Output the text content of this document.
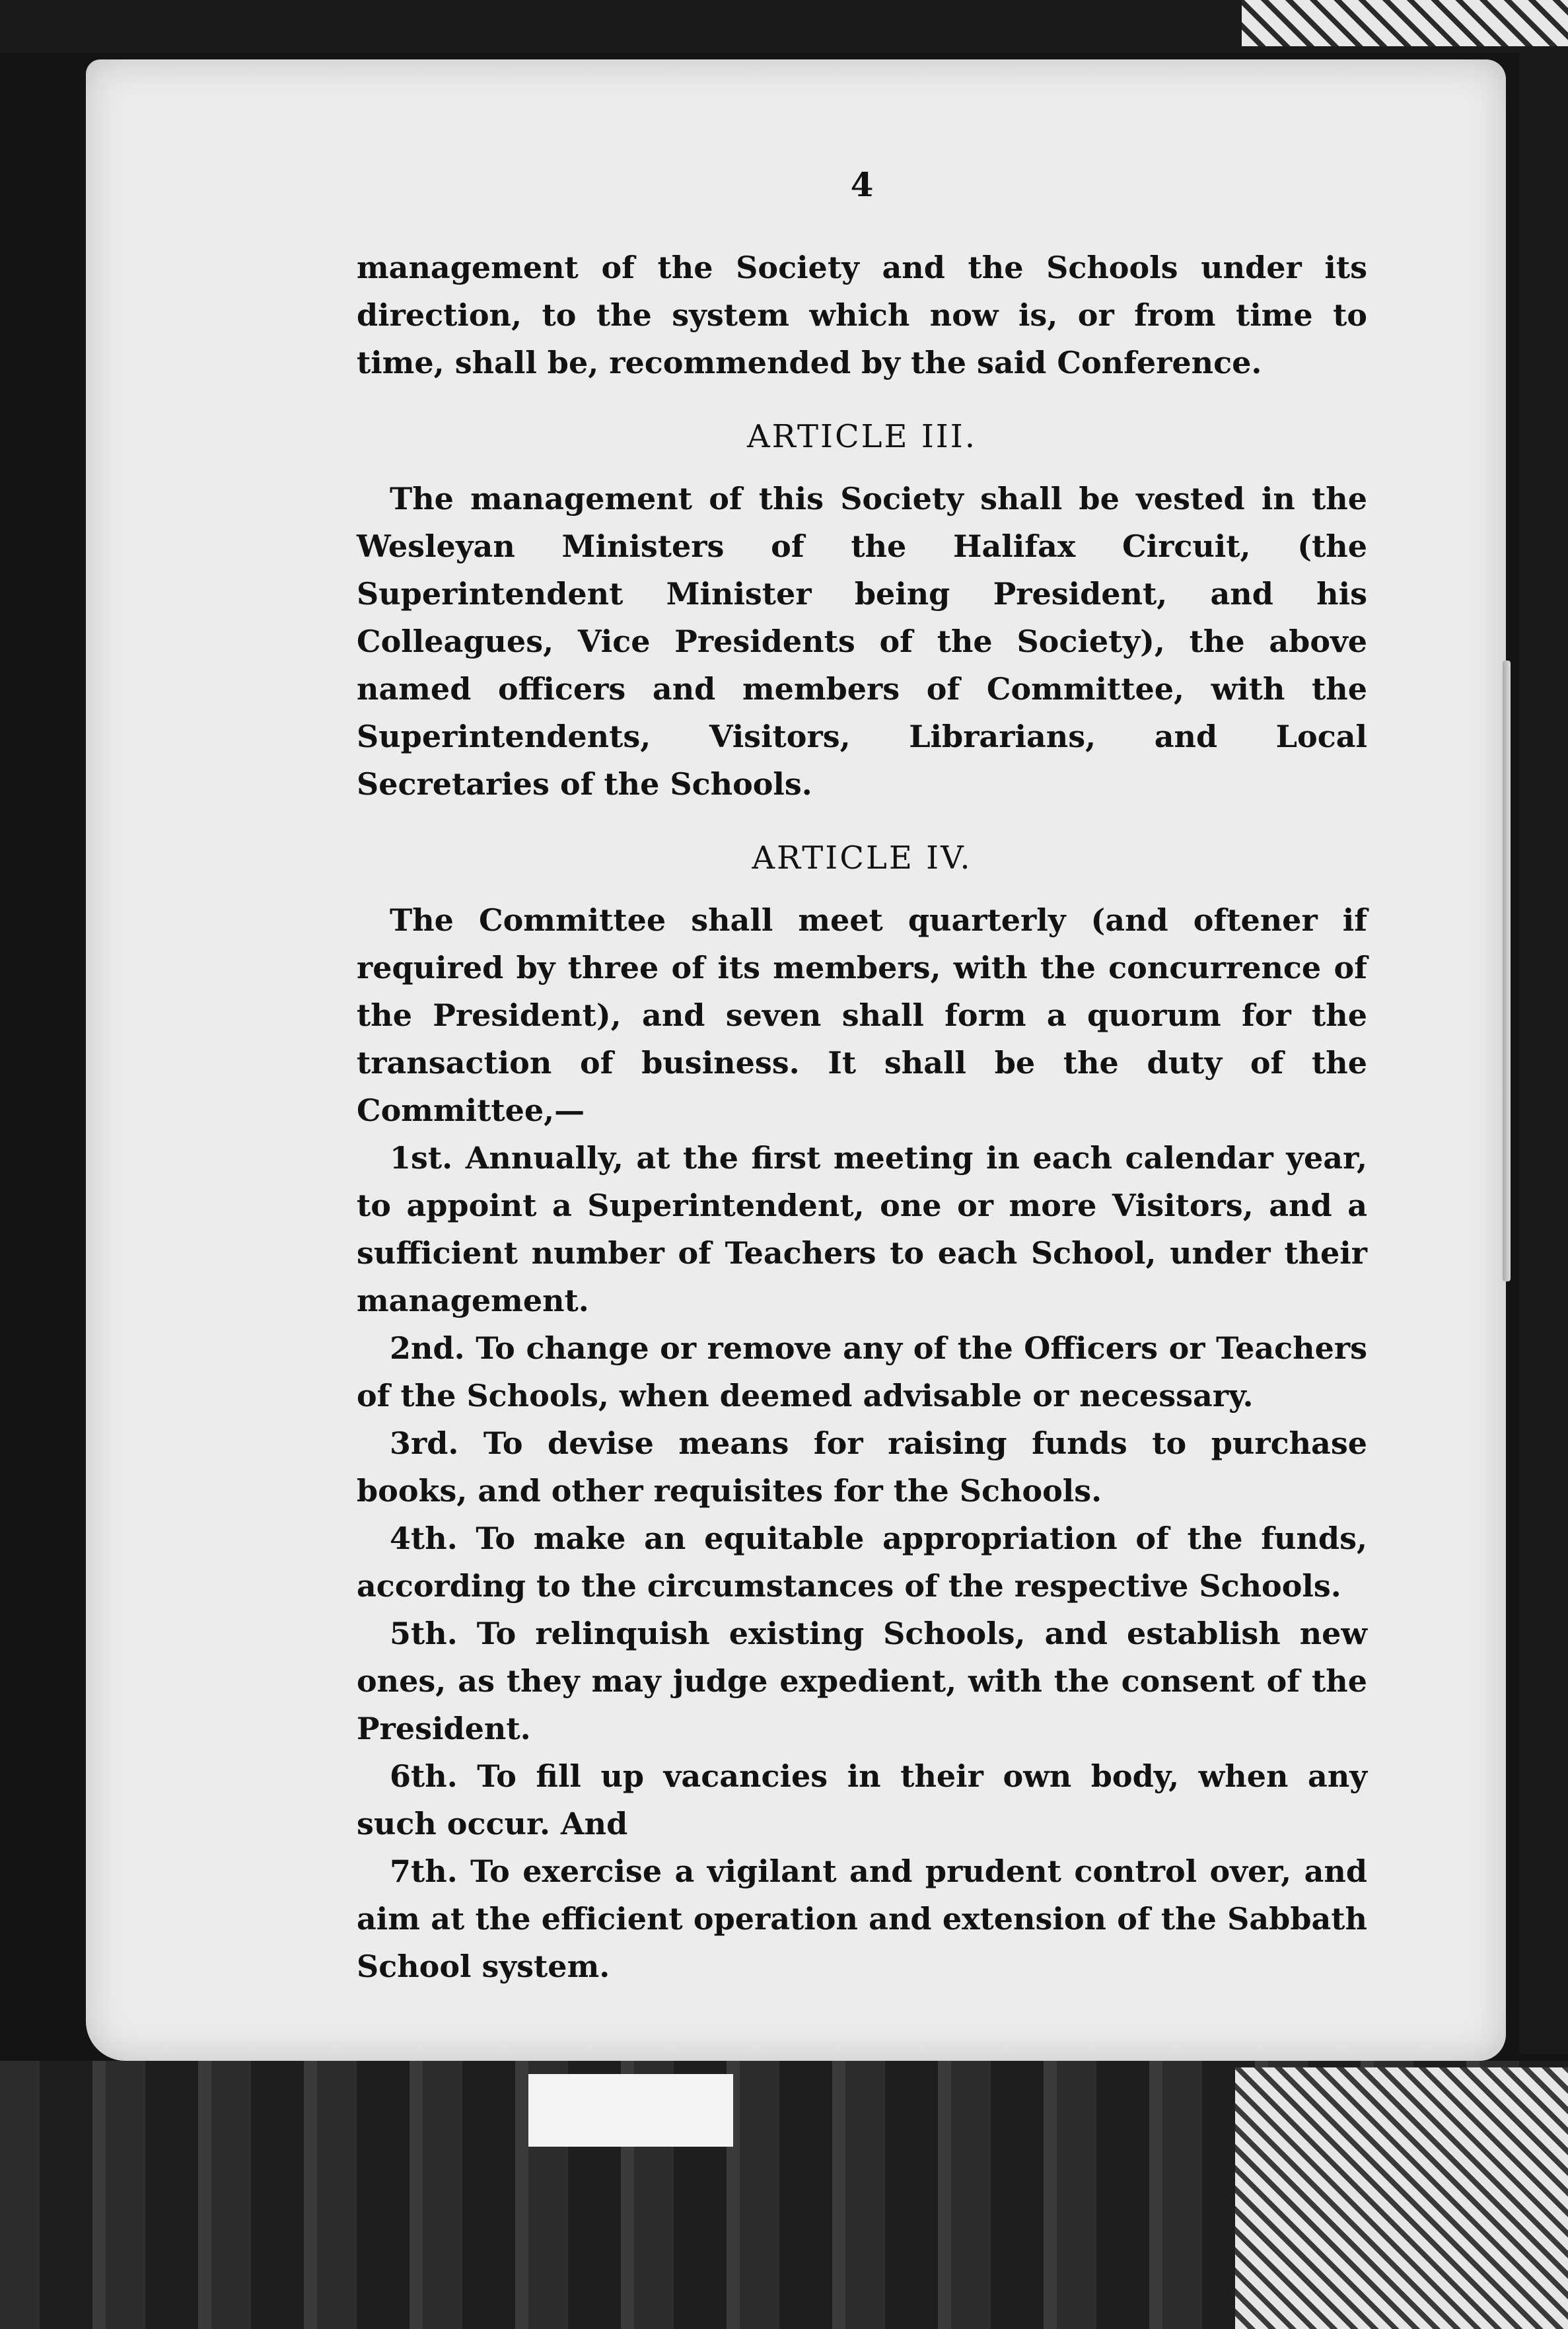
4

management of the Society and the Schools under its direction, to the system which now is, or from time to time, shall be, recommended by the said Conference.

ARTICLE III.

The management of this Society shall be vested in the Wesleyan Ministers of the Halifax Circuit, (the Superintendent Minister being President, and his Colleagues, Vice Presidents of the Society), the above named officers and members of Committee, with the Superintendents, Visitors, Librarians, and Local Secretaries of the Schools.

ARTICLE IV.

The Committee shall meet quarterly (and oftener if required by three of its members, with the concurrence of the President), and seven shall form a quorum for the transaction of business. It shall be the duty of the Committee,—

1st. Annually, at the first meeting in each calendar year, to appoint a Superintendent, one or more Visitors, and a sufficient number of Teachers to each School, under their management.

2nd. To change or remove any of the Officers or Teachers of the Schools, when deemed advisable or necessary.

3rd. To devise means for raising funds to purchase books, and other requisites for the Schools.

4th. To make an equitable appropriation of the funds, according to the circumstances of the respective Schools.

5th. To relinquish existing Schools, and establish new ones, as they may judge expedient, with the consent of the President.

6th. To fill up vacancies in their own body, when any such occur. And

7th. To exercise a vigilant and prudent control over, and aim at the efficient operation and extension of the Sabbath School system.
